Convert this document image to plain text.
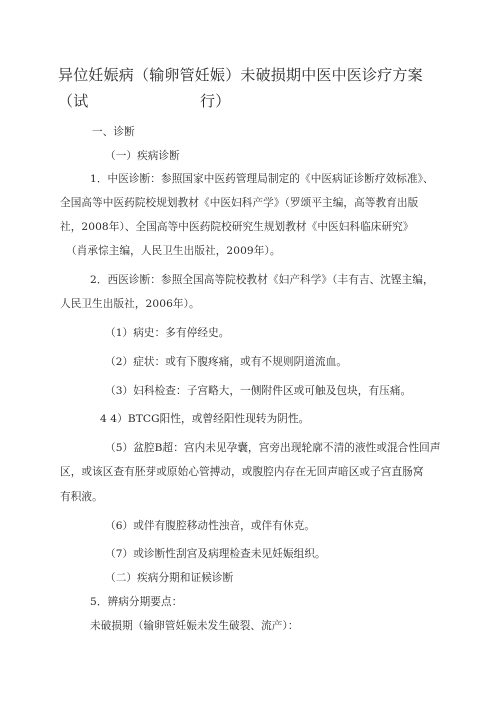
异位妊娠病（输卵管妊娠）未破损期中医中医诊疗方案（试	行）
一、诊断
（一）疾病诊断
1．中医诊断：参照国家中医药管理局制定的《中医病证诊断疗效标准》、
全国高等中医药院校规划教材《中医妇科产学》（罗颂平主编，高等教育出版
社，2008年）、全国高等中医药院校研究生规划教材《中医妇科临床研究》
（肖承悰主编，人民卫生出版社，2009年）。
2．西医诊断：参照全国高等院校教材《妇产科学》（丰有吉、沈铿主编，
人民卫生出版社，2006年）。
（1）病史：多有停经史。
（2）症状：或有下腹疼痛，或有不规则阴道流血。
（3）妇科检查：子宫略大，一侧附件区或可触及包块，有压痛。
4 4）BTCG阳性，或曾经阳性现转为阴性。
（5）盆腔B超：宫内未见孕囊，宫旁出现轮廓不清的液性或混合性回声
区，或该区查有胚芽或原始心管搏动，或腹腔内存在无回声暗区或子宫直肠窝
有积液。
（6）或伴有腹腔移动性浊音，或伴有休克。
（7）或诊断性刮宫及病理检查未见妊娠组织。
（二）疾病分期和证候诊断
5．辨病分期要点：
未破损期（输卵管妊娠未发生破裂、流产）：
